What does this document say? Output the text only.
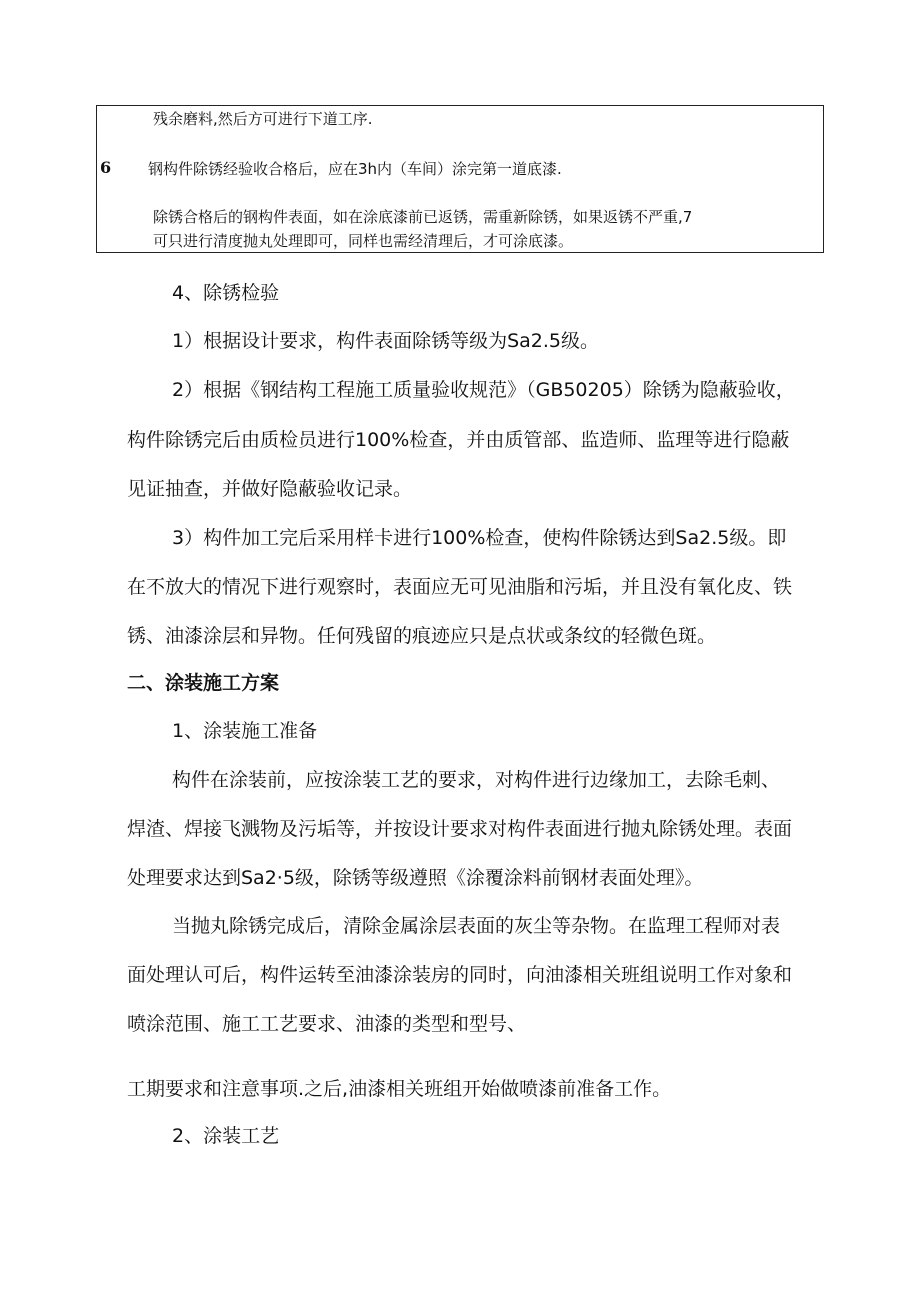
残余磨料,然后方可进行下道工序.
6 钢构件除锈经验收合格后，应在3h内（车间）涂完第一道底漆.
除锈合格后的钢构件表面，如在涂底漆前已返锈，需重新除锈，如果返锈不严重,7
可只进行清度抛丸处理即可，同样也需经清理后，才可涂底漆。
4、除锈检验
1）根据设计要求，构件表面除锈等级为Sa2.5级。
2）根据《钢结构工程施工质量验收规范》（GB50205）除锈为隐蔽验收，
构件除锈完后由质检员进行100%检查，并由质管部、监造师、监理等进行隐蔽
见证抽查，并做好隐蔽验收记录。
3）构件加工完后采用样卡进行100%检查，使构件除锈达到Sa2.5级。即
在不放大的情况下进行观察时，表面应无可见油脂和污垢，并且没有氧化皮、铁
锈、油漆涂层和异物。任何残留的痕迹应只是点状或条纹的轻微色斑。
二、涂装施工方案
1、涂装施工准备
构件在涂装前，应按涂装工艺的要求，对构件进行边缘加工，去除毛刺、
焊渣、焊接飞溅物及污垢等，并按设计要求对构件表面进行抛丸除锈处理。表面
处理要求达到Sa2·5级，除锈等级遵照《涂覆涂料前钢材表面处理》。
当抛丸除锈完成后，清除金属涂层表面的灰尘等杂物。在监理工程师对表
面处理认可后，构件运转至油漆涂装房的同时，向油漆相关班组说明工作对象和
喷涂范围、施工工艺要求、油漆的类型和型号、
工期要求和注意事项.之后,油漆相关班组开始做喷漆前准备工作。
2、涂装工艺
